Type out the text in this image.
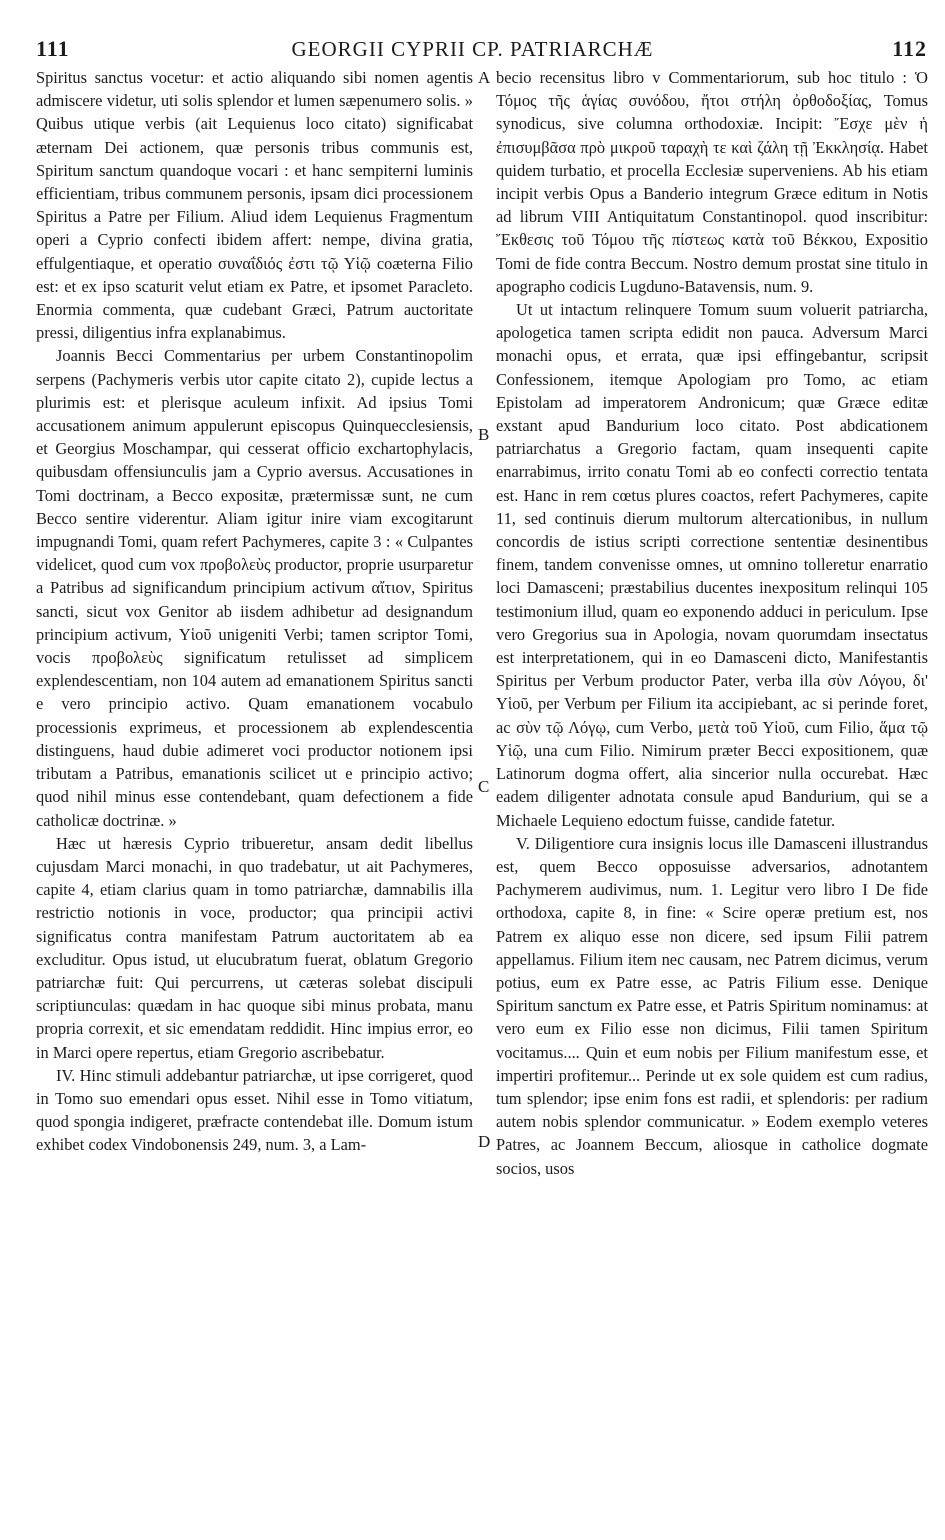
111	GEORGII CYPRII CP. PATRIARCHÆ	112

Spiritus sanctus vocetur: et actio aliquando sibi nomen agentis admiscere videtur, uti solis splendor et lumen sæpenumero solis. » Quibus utique verbis (ait Lequienus loco citato) significabat æternam Dei actionem, quæ personis tribus communis est, Spiritum sanctum quandoque vocari : et hanc sempiterni luminis efficientiam, tribus communem personis, ipsam dici processionem Spiritus a Patre per Filium. Aliud idem Lequienus Fragmentum operi a Cyprio confecti ibidem affert: nempe, divina gratia, effulgentiaque, et operatio συναΐδιός ἐστι τῷ Υἱῷ coæterna Filio est: et ex ipso scaturit velut etiam ex Patre, et ipsomet Paracleto. Enormia commenta, quæ cudebant Græci, Patrum auctoritate pressi, diligentius infra explanabimus.

Joannis Becci Commentarius per urbem Constantinopolim serpens (Pachymeris verbis utor capite citato 2), cupide lectus a plurimis est: et plerisque aculeum infixit. Ad ipsius Tomi accusationem animum appulerunt episcopus Quinquecclesiensis, et Georgius Moschampar, qui cesserat officio exchartophylacis, quibusdam offensiunculis jam a Cyprio aversus. Accusationes in Tomi doctrinam, a Becco expositæ, prætermissæ sunt, ne cum Becco sentire viderentur. Aliam igitur inire viam excogitarunt impugnandi Tomi, quam refert Pachymeres, capite 3 : « Culpantes videlicet, quod cum vox προβολεὺς productor, proprie usurparetur a Patribus ad significandum principium activum αἴτιον, Spiritus sancti, sicut vox Genitor ab iisdem adhibetur ad designandum principium activum, Υἱοῦ unigeniti Verbi; tamen scriptor Tomi, vocis προβολεὺς significatum retulisset ad simplicem explendescentiam, non 104 autem ad emanationem Spiritus sancti e vero principio activo. Quam emanationem vocabulo processionis exprimeus, et processionem ab explendescentia distinguens, haud dubie adimeret voci productor notionem ipsi tributam a Patribus, emanationis scilicet ut e principio activo; quod nihil minus esse contendebant, quam defectionem a fide catholicæ doctrinæ. »

Hæc ut hæresis Cyprio tribueretur, ansam dedit libellus cujusdam Marci monachi, in quo tradebatur, ut ait Pachymeres, capite 4, etiam clarius quam in tomo patriarchæ, damnabilis illa restrictio notionis in voce, productor; qua principii activi significatus contra manifestam Patrum auctoritatem ab ea excluditur. Opus istud, ut elucubratum fuerat, oblatum Gregorio patriarchæ fuit: Qui percurrens, ut cæteras solebat discipuli scriptiunculas: quædam in hac quoque sibi minus probata, manu propria correxit, et sic emendatam reddidit. Hinc impius error, eo in Marci opere repertus, etiam Gregorio ascribebatur.

IV. Hinc stimuli addebantur patriarchæ, ut ipse corrigeret, quod in Tomo suo emendari opus esset. Nihil esse in Tomo vitiatum, quod spongia indigeret, præfracte contendebat ille. Domum istum exhibet codex Vindobonensis 249, num. 3, a Lam-

A
B
C
D

becio recensitus libro v Commentariorum, sub hoc titulo : Ὁ Τόμος τῆς ἁγίας συνόδου, ἤτοι στήλη ὀρθοδοξίας, Tomus synodicus, sive columna orthodoxiæ. Incipit: Ἔσχε μὲν ἡ ἐπισυμβᾶσα πρὸ μικροῦ ταραχὴ τε καὶ ζάλη τῇ Ἐκκλησίᾳ. Habet quidem turbatio, et procella Ecclesiæ superveniens. Ab his etiam incipit verbis Opus a Banderio integrum Græce editum in Notis ad librum VIII Antiquitatum Constantinopol. quod inscribitur: Ἔκθεσις τοῦ Τόμου τῆς πίστεως κατὰ τοῦ Βέκκου, Expositio Tomi de fide contra Beccum. Nostro demum prostat sine titulo in apographo codicis Lugduno-Batavensis, num. 9.

Ut ut intactum relinquere Tomum suum voluerit patriarcha, apologetica tamen scripta edidit non pauca. Adversum Marci monachi opus, et errata, quæ ipsi effingebantur, scripsit Confessionem, itemque Apologiam pro Tomo, ac etiam Epistolam ad imperatorem Andronicum; quæ Græce editæ exstant apud Bandurium loco citato. Post abdicationem patriarchatus a Gregorio factam, quam insequenti capite enarrabimus, irrito conatu Tomi ab eo confecti correctio tentata est. Hanc in rem cœtus plures coactos, refert Pachymeres, capite 11, sed continuis dierum multorum altercationibus, in nullum concordis de istius scripti correctione sententiæ desinentibus finem, tandem convenisse omnes, ut omnino tolleretur enarratio loci Damasceni; præstabilius ducentes inexpositum relinqui 105 testimonium illud, quam eo exponendo adduci in periculum. Ipse vero Gregorius sua in Apologia, novam quorumdam insectatus est interpretationem, qui in eo Damasceni dicto, Manifestantis Spiritus per Verbum productor Pater, verba illa σὺν Λόγου, δι' Υἱοῦ, per Verbum per Filium ita accipiebant, ac si perinde foret, ac σὺν τῷ Λόγῳ, cum Verbo, μετὰ τοῦ Υἱοῦ, cum Filio, ἅμα τῷ Υἱῷ, una cum Filio. Nimirum præter Becci expositionem, quæ Latinorum dogma offert, alia sincerior nulla occurebat. Hæc eadem diligenter adnotata consule apud Bandurium, qui se a Michaele Lequieno edoctum fuisse, candide fatetur.

V. Diligentiore cura insignis locus ille Damasceni illustrandus est, quem Becco opposuisse adversarios, adnotantem Pachymerem audivimus, num. 1. Legitur vero libro I De fide orthodoxa, capite 8, in fine: « Scire operæ pretium est, nos Patrem ex aliquo esse non dicere, sed ipsum Filii patrem appellamus. Filium item nec causam, nec Patrem dicimus, verum potius, eum ex Patre esse, ac Patris Filium esse. Denique Spiritum sanctum ex Patre esse, et Patris Spiritum nominamus: at vero eum ex Filio esse non dicimus, Filii tamen Spiritum vocitamus.... Quin et eum nobis per Filium manifestum esse, et impertiri profitemur... Perinde ut ex sole quidem est cum radius, tum splendor; ipse enim fons est radii, et splendoris: per radium autem nobis splendor communicatur. » Eodem exemplo veteres Patres, ac Joannem Beccum, aliosque in catholice dogmate socios, usos
